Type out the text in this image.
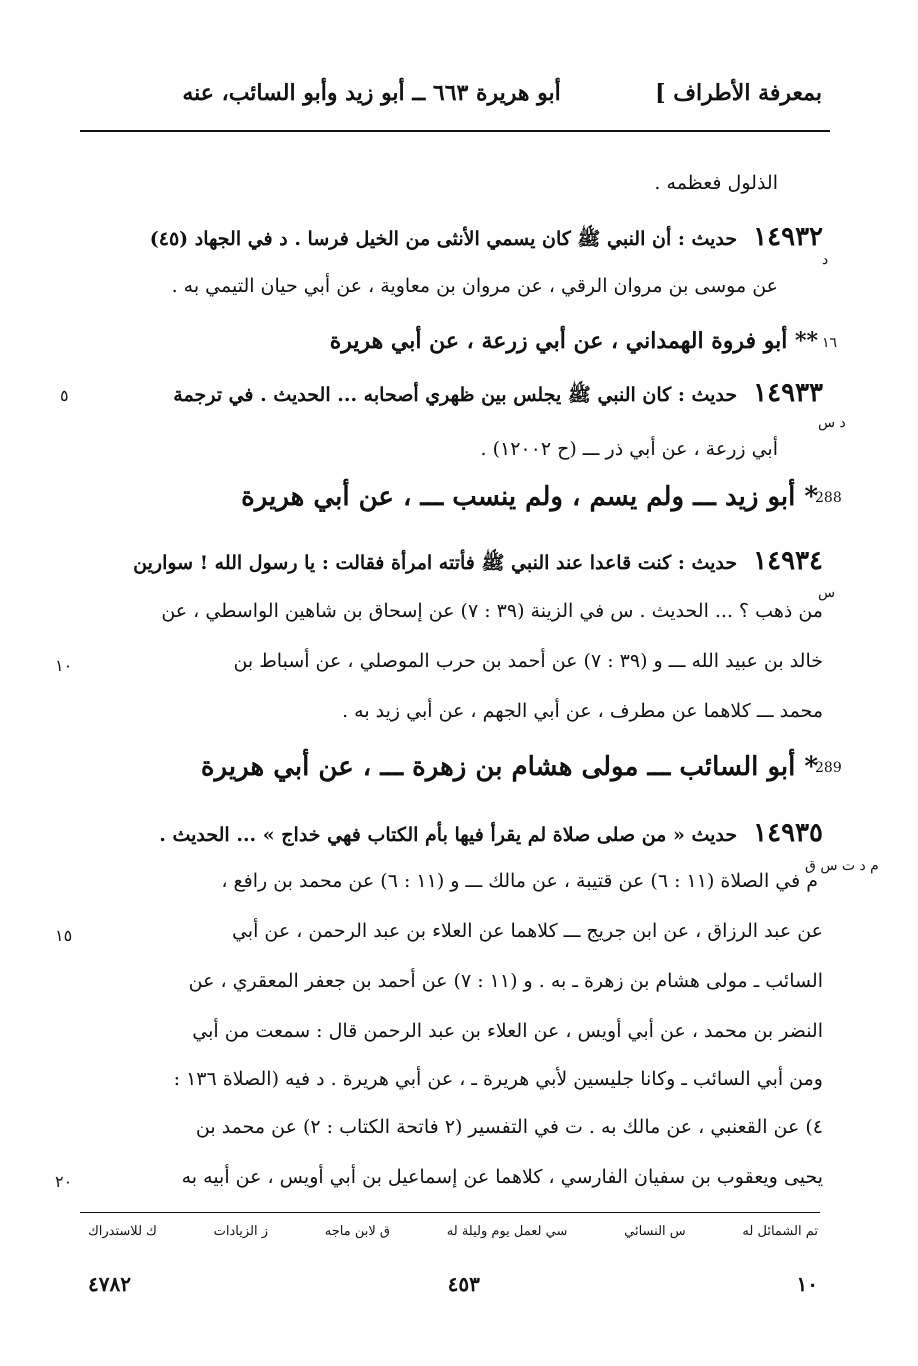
بمعرفة الأطراف ]
أبو هريرة ٦٦٣ ــ أبو زيد وأبو السائب، عنه
الذلول فعظمه .
١٤٩٣٢ حديث : أن النبي ﷺ كان يسمي الأنثى من الخيل فرسا . د في الجهاد (٤٥)
د
عن موسى بن مروان الرقي ، عن مروان بن معاوية ، عن أبي حيان التيمي به .
١٦
** أبو فروة الهمداني ، عن أبي زرعة ، عن أبي هريرة
١٤٩٣٣ حديث : كان النبي ﷺ يجلس بين ظهري أصحابه ... الحديث . في ترجمة
٥
د س
أبي زرعة ، عن أبي ذر ـــ (ح ١٢٠٠٢) .
288
* أبو زيد ـــ ولم يسم ، ولم ينسب ـــ ، عن أبي هريرة
١٤٩٣٤ حديث : كنت قاعدا عند النبي ﷺ فأتته امرأة فقالت : يا رسول الله ! سوارين
س
من ذهب ؟ ... الحديث . س في الزينة (٣٩ : ٧) عن إسحاق بن شاهين الواسطي ، عن
خالد بن عبيد الله ـــ و (٣٩ : ٧) عن أحمد بن حرب الموصلي ، عن أسباط بن
١٠
محمد ـــ كلاهما عن مطرف ، عن أبي الجهم ، عن أبي زيد به .
289
* أبو السائب ـــ مولى هشام بن زهرة ـــ ، عن أبي هريرة
١٤٩٣٥ حديث « من صلى صلاة لم يقرأ فيها بأم الكتاب فهي خداج » ... الحديث .
م د ت س ق
م في الصلاة (١١ : ٦) عن قتيبة ، عن مالك ـــ و (١١ : ٦) عن محمد بن رافع ،
عن عبد الرزاق ، عن ابن جريج ـــ كلاهما عن العلاء بن عبد الرحمن ، عن أبي
١٥
السائب ـ مولى هشام بن زهرة ـ به . و (١١ : ٧) عن أحمد بن جعفر المعقري ، عن
النضر بن محمد ، عن أبي أويس ، عن العلاء بن عبد الرحمن قال : سمعت من أبي
ومن أبي السائب ـ وكانا جليسين لأبي هريرة ـ ، عن أبي هريرة . د فيه (الصلاة ١٣٦ :
٤) عن القعنبي ، عن مالك به . ت في التفسير (٢ فاتحة الكتاب : ٢) عن محمد بن
يحيى ويعقوب بن سفيان الفارسي ، كلاهما عن إسماعيل بن أبي أويس ، عن أبيه به
٢٠
تم الشمائل له
س النسائي
سي لعمل يوم وليلة له
ق لابن ماجه
ز الزيادات
ك للاستدراك
١٠
٤٥٣
٤٧٨٢
